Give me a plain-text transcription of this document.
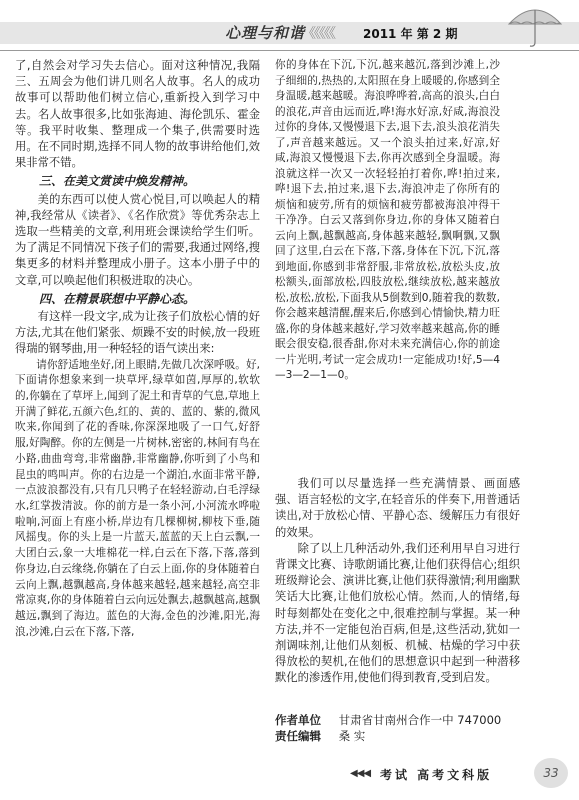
心理与和谐
《《《《《 2011 年 第 2 期

了,自然会对学习失去信心。面对这种情况,我隔三、五周会为他们讲几则名人故事。名人的成功故事可以帮助他们树立信心,重新投入到学习中去。名人故事很多,比如张海迪、海伦凯乐、霍金等。我平时收集、整理成一个集子,供需要时选用。在不同时期,选择不同人物的故事讲给他们,效果非常不错。

三、在美文赏读中焕发精神。

美的东西可以使人赏心悦目,可以唤起人的精神,我经常从《读者》、《名作欣赏》等优秀杂志上选取一些精美的文章,利用班会课读给学生们听。为了满足不同情况下孩子们的需要,我通过网络,搜集更多的材料并整理成小册子。这本小册子中的文章,可以唤起他们积极进取的决心。

四、在精景联想中平静心态。

有这样一段文字,成为让孩子们放松心情的好方法,尤其在他们紧张、烦躁不安的时候,放一段班得瑞的钢琴曲,用一种轻轻的语气读出来:

请你舒适地坐好,闭上眼睛,先做几次深呼吸。好,下面请你想象来到一块草坪,绿草如茵,厚厚的,软软的,你躺在了草坪上,闻到了泥土和青草的气息,草地上开满了鲜花,五颜六色,红的、黄的、蓝的、紫的,微风吹来,你闻到了花的香味,你深深地吸了一口气,好舒服,好陶醉。你的左侧是一片树林,密密的,林间有鸟在小路,曲曲弯弯,非常幽静,非常幽静,你听到了小鸟和昆虫的鸣叫声。你的右边是一个湖泊,水面非常平静,一点波浪都没有,只有几只鸭子在轻轻游动,白毛浮绿水,红掌拨清波。你的前方是一条小河,小河流水哗啦啦响,河面上有座小桥,岸边有几棵柳树,柳枝下垂,随风摇曳。你的头上是一片蓝天,蓝蓝的天上白云飘,一大团白云,象一大堆棉花一样,白云在下落,下落,落到你身边,白云缘绕,你躺在了白云上面,你的身体随着白云向上飘,越飘越高,身体越来越轻,越来越轻,高空非常凉爽,你的身体随着白云向远处飘去,越飘越高,越飘越远,飘到了海边。蓝色的大海,金色的沙滩,阳光,海浪,沙滩,白云在下落,下落,

你的身体在下沉,下沉,越来越沉,落到沙滩上,沙子细细的,热热的,太阳照在身上暖暖的,你感到全身温暖,越来越暖。海浪哗哗着,高高的浪头,白白的浪花,声音由远而近,哗!海水好凉,好咸,海浪没过你的身体,又慢慢退下去,退下去,浪头浪花消失了,声音越来越远。又一个浪头拍过来,好凉,好咸,海浪又慢慢退下去,你再次感到全身温暖。海浪就这样一次又一次轻轻拍打着你,哗!拍过来,哗!退下去,拍过来,退下去,海浪冲走了你所有的烦恼和疲劳,所有的烦恼和疲劳都被海浪冲得干干净净。白云又落到你身边,你的身体又随着白云向上飘,越飘越高,身体越来越轻,飘啊飘,又飘回了这里,白云在下落,下落,身体在下沉,下沉,落到地面,你感到非常舒服,非常放松,放松头皮,放松额头,面部放松,四肢放松,继续放松,越来越放松,放松,放松,下面我从5倒数到0,随着我的数数,你会越来越清醒,醒来后,你感到心情愉快,精力旺盛,你的身体越来越好,学习效率越来越高,你的睡眠会很安稳,很香甜,你对未来充满信心,你的前途一片光明,考试一定会成功!一定能成功!好,5—4—3—2—1—0。

我们可以尽量选择一些充满情景、画面感强、语言轻松的文字,在轻音乐的伴奏下,用普通话读出,对于放松心情、平静心态、缓解压力有很好的效果。

除了以上几种活动外,我们还利用早自习进行背课文比赛、诗歌朗诵比赛,让他们获得信心;组织班级辩论会、演讲比赛,让他们获得激情;利用幽默笑话大比赛,让他们放松心情。然而,人的情绪,每时每刻都处在变化之中,很难控制与掌握。某一种方法,并不一定能包治百病,但是,这些活动,犹如一剂调味剂,让他们从刻板、机械、枯燥的学习中获得放松的契机,在他们的思想意识中起到一种潜移默化的渗透作用,使他们得到教育,受到启发。

作者单位 甘肃省甘南州合作一中 747000
责任编辑 桑 实
◀◀◀ 考试 高考文科版	33
